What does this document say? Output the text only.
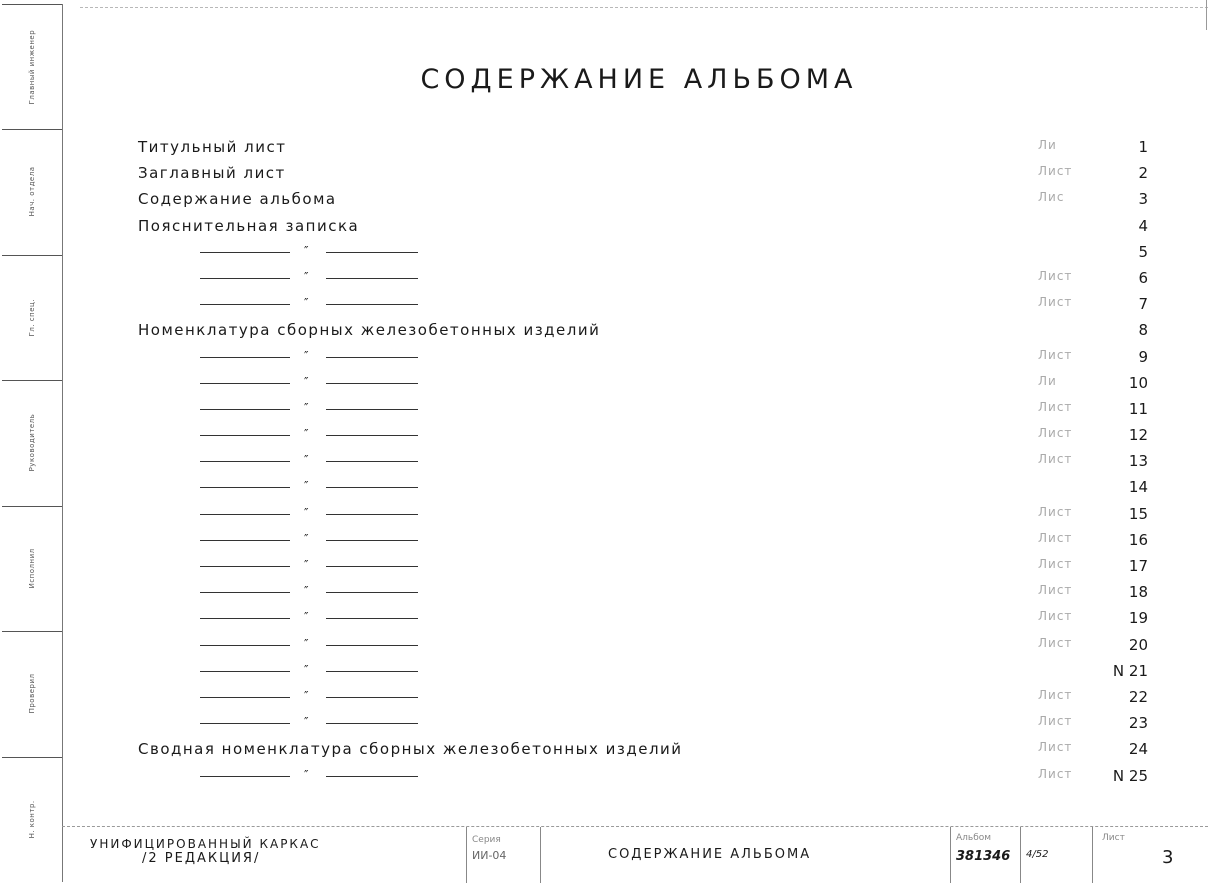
Главный инженер
Нач. отдела
Гл. спец.
Руководитель
Исполнил
Проверил
Н. контр.
СОДЕРЖАНИЕ АЛЬБОМА
Титульный лист	Ли	1
Заглавный лист	Лист	2
Содержание альбома	Лис	3
Пояснительная записка	4
″	5
″	Лист	6
″	Лист	7
Номенклатура сборных железобетонных изделий	8
″	Лист	9
″	Ли	10
″	Лист	11
″	Лист	12
″	Лист	13
″	14
″	Лист	15
″	Лист	16
″	Лист	17
″	Лист	18
″	Лист	19
″	Лист	20
″	N 21
″	Лист	22
″	Лист	23
Сводная номенклатура сборных железобетонных изделий	Лист	24
″	Лист	N 25
УНИФИЦИРОВАННЫЙ КАРКАС
/2 РЕДАКЦИЯ/
Серия
ИИ-04	СОДЕРЖАНИЕ АЛЬБОМА
Альбом
381346 4/52
Лист
3
